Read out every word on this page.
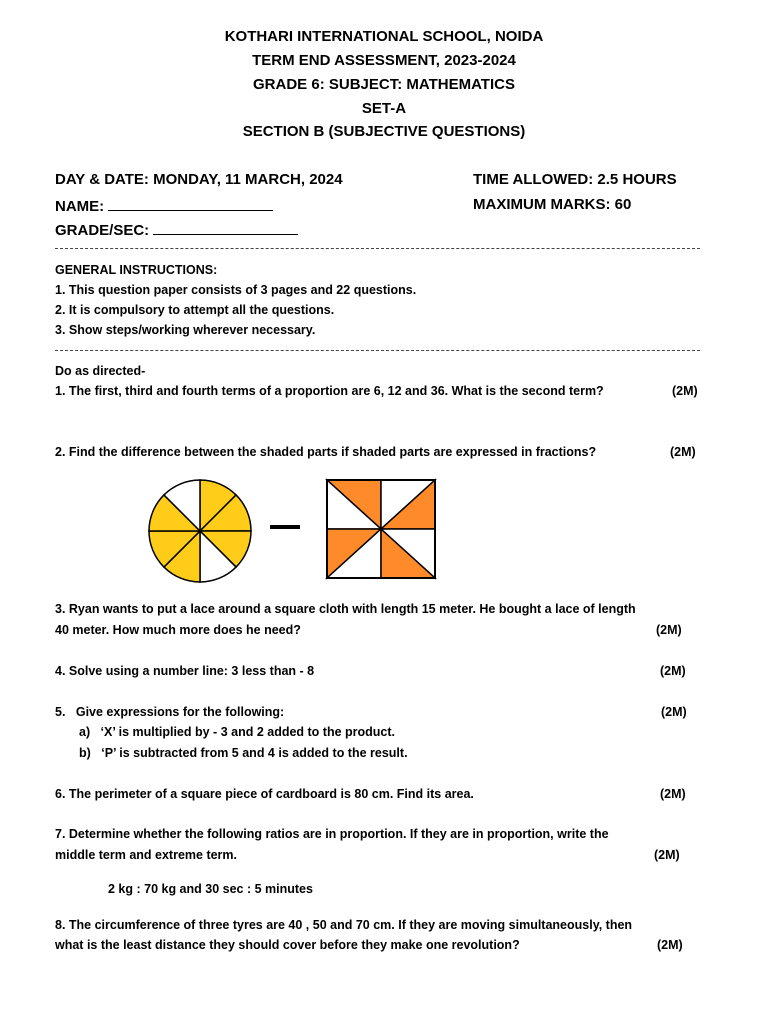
KOTHARI INTERNATIONAL SCHOOL, NOIDA
TERM END ASSESSMENT, 2023-2024
GRADE 6: SUBJECT: MATHEMATICS
SET-A
SECTION B (SUBJECTIVE QUESTIONS)
DAY & DATE: MONDAY, 11 MARCH, 2024	TIME ALLOWED: 2.5 HOURS
NAME:	MAXIMUM MARKS: 60
GRADE/SEC:
GENERAL INSTRUCTIONS:
1. This question paper consists of 3 pages and 22 questions.
2. It is compulsory to attempt all the questions.
3. Show steps/working wherever necessary.
Do as directed-
1. The first, third and fourth terms of a proportion are 6, 12 and 36. What is the second term?	(2M)
2. Find the difference between the shaded parts if shaded parts are expressed in fractions?	(2M)
3. Ryan wants to put a lace around a square cloth with length 15 meter. He bought a lace of length
40 meter. How much more does he need?	(2M)
4. Solve using a number line: 3 less than - 8	(2M)
5.   Give expressions for the following:	(2M)
a)   ‘X’ is multiplied by - 3 and 2 added to the product.
b)   ‘P’ is subtracted from 5 and 4 is added to the result.
6. The perimeter of a square piece of cardboard is 80 cm. Find its area.	(2M)
7. Determine whether the following ratios are in proportion. If they are in proportion, write the
middle term and extreme term.	(2M)
2 kg : 70 kg and 30 sec : 5 minutes
8. The circumference of three tyres are 40 , 50 and 70 cm. If they are moving simultaneously, then
what is the least distance they should cover before they make one revolution?	(2M)
